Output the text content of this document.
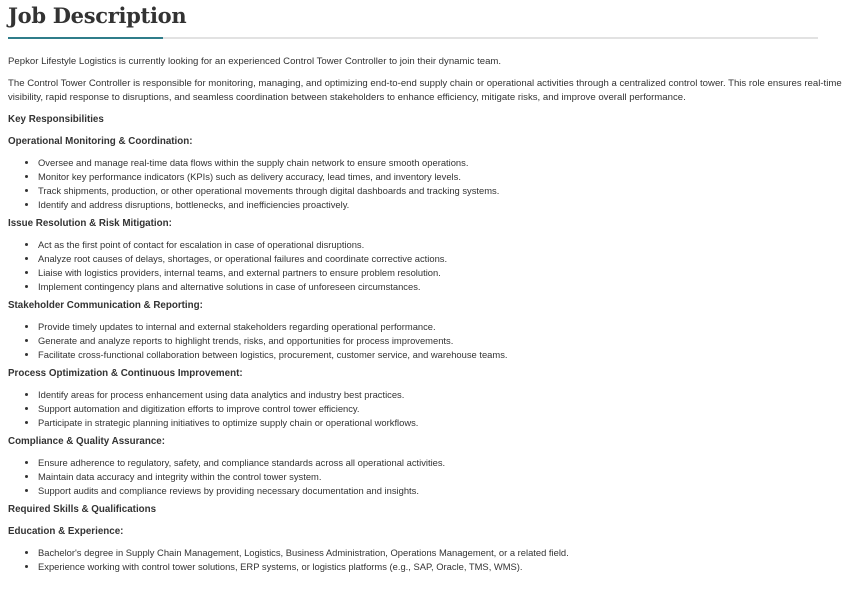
Job Description

Pepkor Lifestyle Logistics is currently looking for an experienced Control Tower Controller to join their dynamic team.

The Control Tower Controller is responsible for monitoring, managing, and optimizing end-to-end supply chain or operational activities through a centralized control tower. This role ensures real-time visibility, rapid response to disruptions, and seamless coordination between stakeholders to enhance efficiency, mitigate risks, and improve overall performance.

Key Responsibilities
Operational Monitoring & Coordination:
• Oversee and manage real-time data flows within the supply chain network to ensure smooth operations.
• Monitor key performance indicators (KPIs) such as delivery accuracy, lead times, and inventory levels.
• Track shipments, production, or other operational movements through digital dashboards and tracking systems.
• Identify and address disruptions, bottlenecks, and inefficiencies proactively.
Issue Resolution & Risk Mitigation:
• Act as the first point of contact for escalation in case of operational disruptions.
• Analyze root causes of delays, shortages, or operational failures and coordinate corrective actions.
• Liaise with logistics providers, internal teams, and external partners to ensure problem resolution.
• Implement contingency plans and alternative solutions in case of unforeseen circumstances.
Stakeholder Communication & Reporting:
• Provide timely updates to internal and external stakeholders regarding operational performance.
• Generate and analyze reports to highlight trends, risks, and opportunities for process improvements.
• Facilitate cross-functional collaboration between logistics, procurement, customer service, and warehouse teams.
Process Optimization & Continuous Improvement:
• Identify areas for process enhancement using data analytics and industry best practices.
• Support automation and digitization efforts to improve control tower efficiency.
• Participate in strategic planning initiatives to optimize supply chain or operational workflows.
Compliance & Quality Assurance:
• Ensure adherence to regulatory, safety, and compliance standards across all operational activities.
• Maintain data accuracy and integrity within the control tower system.
• Support audits and compliance reviews by providing necessary documentation and insights.
Required Skills & Qualifications
Education & Experience:
• Bachelor's degree in Supply Chain Management, Logistics, Business Administration, Operations Management, or a related field.
• Experience working with control tower solutions, ERP systems, or logistics platforms (e.g., SAP, Oracle, TMS, WMS).
